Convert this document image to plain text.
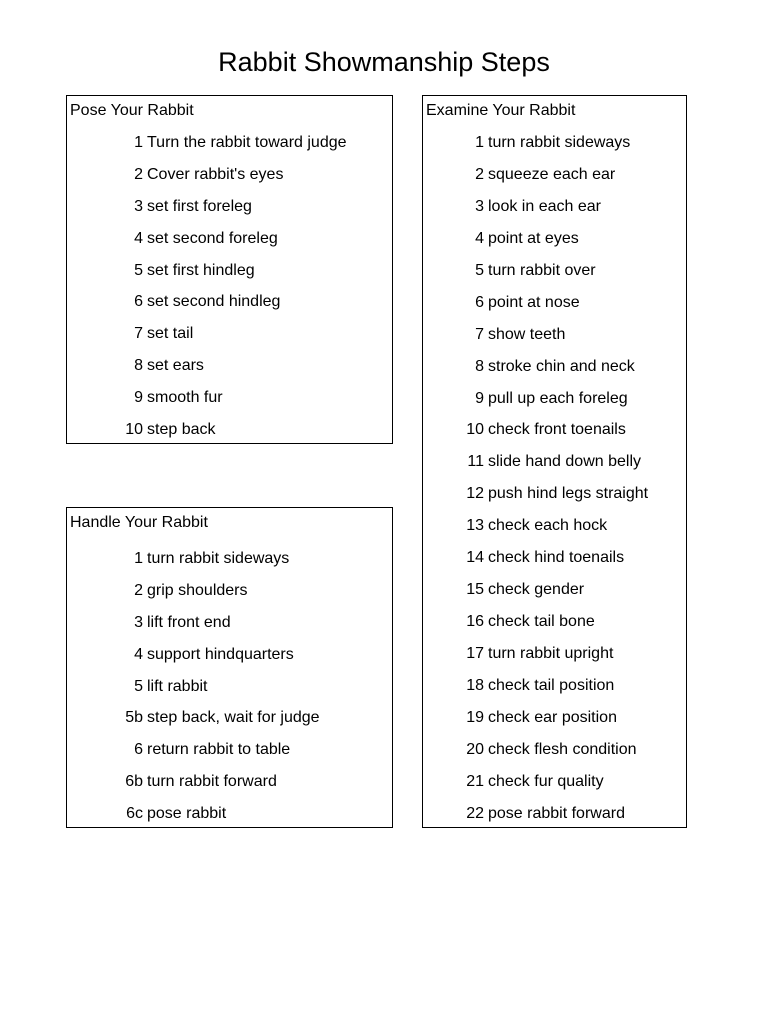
Rabbit Showmanship Steps
Pose Your Rabbit
1 Turn the rabbit toward judge
2 Cover rabbit's eyes
3 set first foreleg
4 set second foreleg
5 set first hindleg
6 set second hindleg
7 set tail
8 set ears
9 smooth fur
10 step back
Handle Your Rabbit
1 turn rabbit sideways
2 grip shoulders
3 lift front end
4 support hindquarters
5 lift rabbit
5b step back, wait for judge
6 return rabbit to table
6b turn rabbit forward
6c pose rabbit
Examine Your Rabbit
1 turn rabbit sideways
2 squeeze each ear
3 look in each ear
4 point at eyes
5 turn rabbit over
6 point at nose
7 show teeth
8 stroke chin and neck
9 pull up each foreleg
10 check front toenails
11 slide hand down belly
12 push hind legs straight
13 check each hock
14 check hind toenails
15 check gender
16 check tail bone
17 turn rabbit upright
18 check tail position
19 check ear position
20 check flesh condition
21 check fur quality
22 pose rabbit forward
